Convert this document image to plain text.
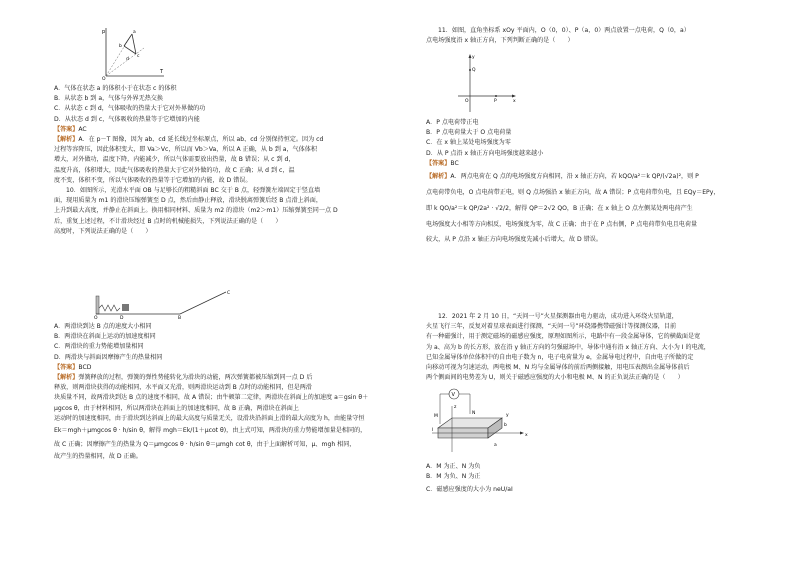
p
T
a
b
c
d
O

A．气体在状态 a 的体积小于在状态 c 的体积

B．从状态 b 到 a，气体与外界无热交换

C．从状态 c 到 d，气体吸收的热量大于它对外界做的功

D．从状态 d 到 c，气体吸收的热量等于它增加的内能

【答案】AC

【解析】A．在 p－T 图像，因为 ab、cd 延长线过坐标原点，所以 ab、cd 分别保持恒定。因为 cd

过程等容降压，因此体积变大，即 Va＞Vc，所以而 Vb＞Va，所以 A 正确，从 b 到 a，气体体积

增大，对外做功，温度下降，内能减少，所以气体需要放出热量，故 B 错误；从 c 到 d，

温度升高，体积增大，因此气体吸收的热量大于它对外做的功，故 C 正确；从 d 到 c，温

度不变，体积不变，所以气体吸收的热量等于它增加的内能，故 D 错误。

10．如图所示，光滑水平面 OB 与足够长的粗糙斜面 BC 交于 B 点，轻弹簧左端固定于竖直墙

面，现用质量为 m1 的滑块压缩弹簧至 D 点，然后由静止释放，滑块脱离弹簧后经 B 点滑上斜面，

上升到最大高度，并静止在斜面上。换用相同材料、质量为 m2 的滑块（m2＞m1）压缩弹簧至同一点 D

后，重复上述过程，不计滑块经过 B 点时的机械能损失，下列说法正确的是（　　）

高度时，下列说法正确的是（　　）

C
D
O	B

A．两滑块到达 B 点的速度大小相同

B．两滑块在斜面上运动的加速度相同

C．两滑块的重力势能增加量相同

D．两滑块与斜面因摩擦产生的热量相同

【答案】BCD

【解析】弹簧释放的过程，弹簧的弹性势能转化为滑块的动能，两次弹簧都被压缩到同一点 D 后

释放，则两滑块获得的动能相同，水平面又光滑，则两滑块运动到 B 点时的动能相同，但是两滑

块质量不同，故两滑块到达 B 点的速度不相同，故 A 错误；由牛顿第二定律，两滑块在斜面上的加速度 a＝gsin θ＋

μgcos θ，由于材料相同，所以两滑块在斜面上的加速度相同，故 B 正确，两滑块在斜面上

运动时的加速度相同，由于滑块到达斜面上的最大高度与质量无关，设滑块沿斜面上滑的最大高度为 h，由能量守恒

Ek＝mgh＋μmgcos θ · h/sin θ，解得 mgh＝Ek/(1＋μcot θ)，由上式可知，两滑块的重力势能增加量是相同的，

故 C 正确；因摩擦产生的热量为 Q＝μmgcos θ · h/sin θ＝μmgh cot θ，由于上面解析可知，μ、mgh 相同，

故产生的热量相同，故 D 正确。

11．如图，直角坐标系 xOy 平面内，O（0，0）、P（a，0）两点放置一点电荷，Q（0，a）

点电场强度沿 x 轴正方向，下列判断正确的是（　　）

y
Q
O	P	x

A．P 点电荷带正电

B．P 点电荷量大于 O 点电荷量

C．在 x 轴上某处电场强度为零

D．从 P 点沿 x 轴正方向电场强度越来越小

【答案】BC

【解析】A．两点电荷在 Q 点的电场强度方向相同，沿 x 轴正方向，若 kQO/a²＝k QP/(√2a)²，则 P

点电荷带负电，O 点电荷带正电，则 Q 点场强沿 x 轴正方向，故 A 错误；P 点电荷带负电，且 EQy＝EPy，

即 k QO/a²＝k QP/2a² · √2/2，解得 QP＝2√2 QO，B 正确；在 x 轴上 O 点左侧某处两电荷产生

电场强度大小相等方向相反，电场强度为零，故 C 正确；由于在 P 点右侧，P 点电荷带负电且电荷量

较大，从 P 点沿 x 轴正方向电场强度先减小后增大，故 D 错误。

12．2021 年 2 月 10 日，“天问一号”火星探测器由电力驱动，成功进入环绕火星轨道，

火星飞行三年，反复对着星球表面进行探测，“天问一号”环绕器携带磁强计等探测仪器，目前

有一种磁强计，用于测定磁场的磁感应强度，原理如图所示，电路中有一段金属导体，它的横截面是宽

为 a、高为 b 的长方形，放在沿 y 轴正方向的匀强磁场中，导体中通有沿 x 轴正方向、大小为 I 的电流，

已知金属导体单位体积中的自由电子数为 n，电子电荷量为 e，金属导电过程中，自由电子所做的定

向移动可视为匀速运动，两电极 M、N 均与金属导体的前后两侧接触，用电压表测出金属导体前后

两个侧面间的电势差为 U，则关于磁感应强度的大小和电极 M、N 的正负说法正确的是（　　）

V
M
N
z
x
y
I
b
a

A．M 为正、N 为负

B．M 为负、N 为正

C．磁感应强度的大小为 neU/aI
